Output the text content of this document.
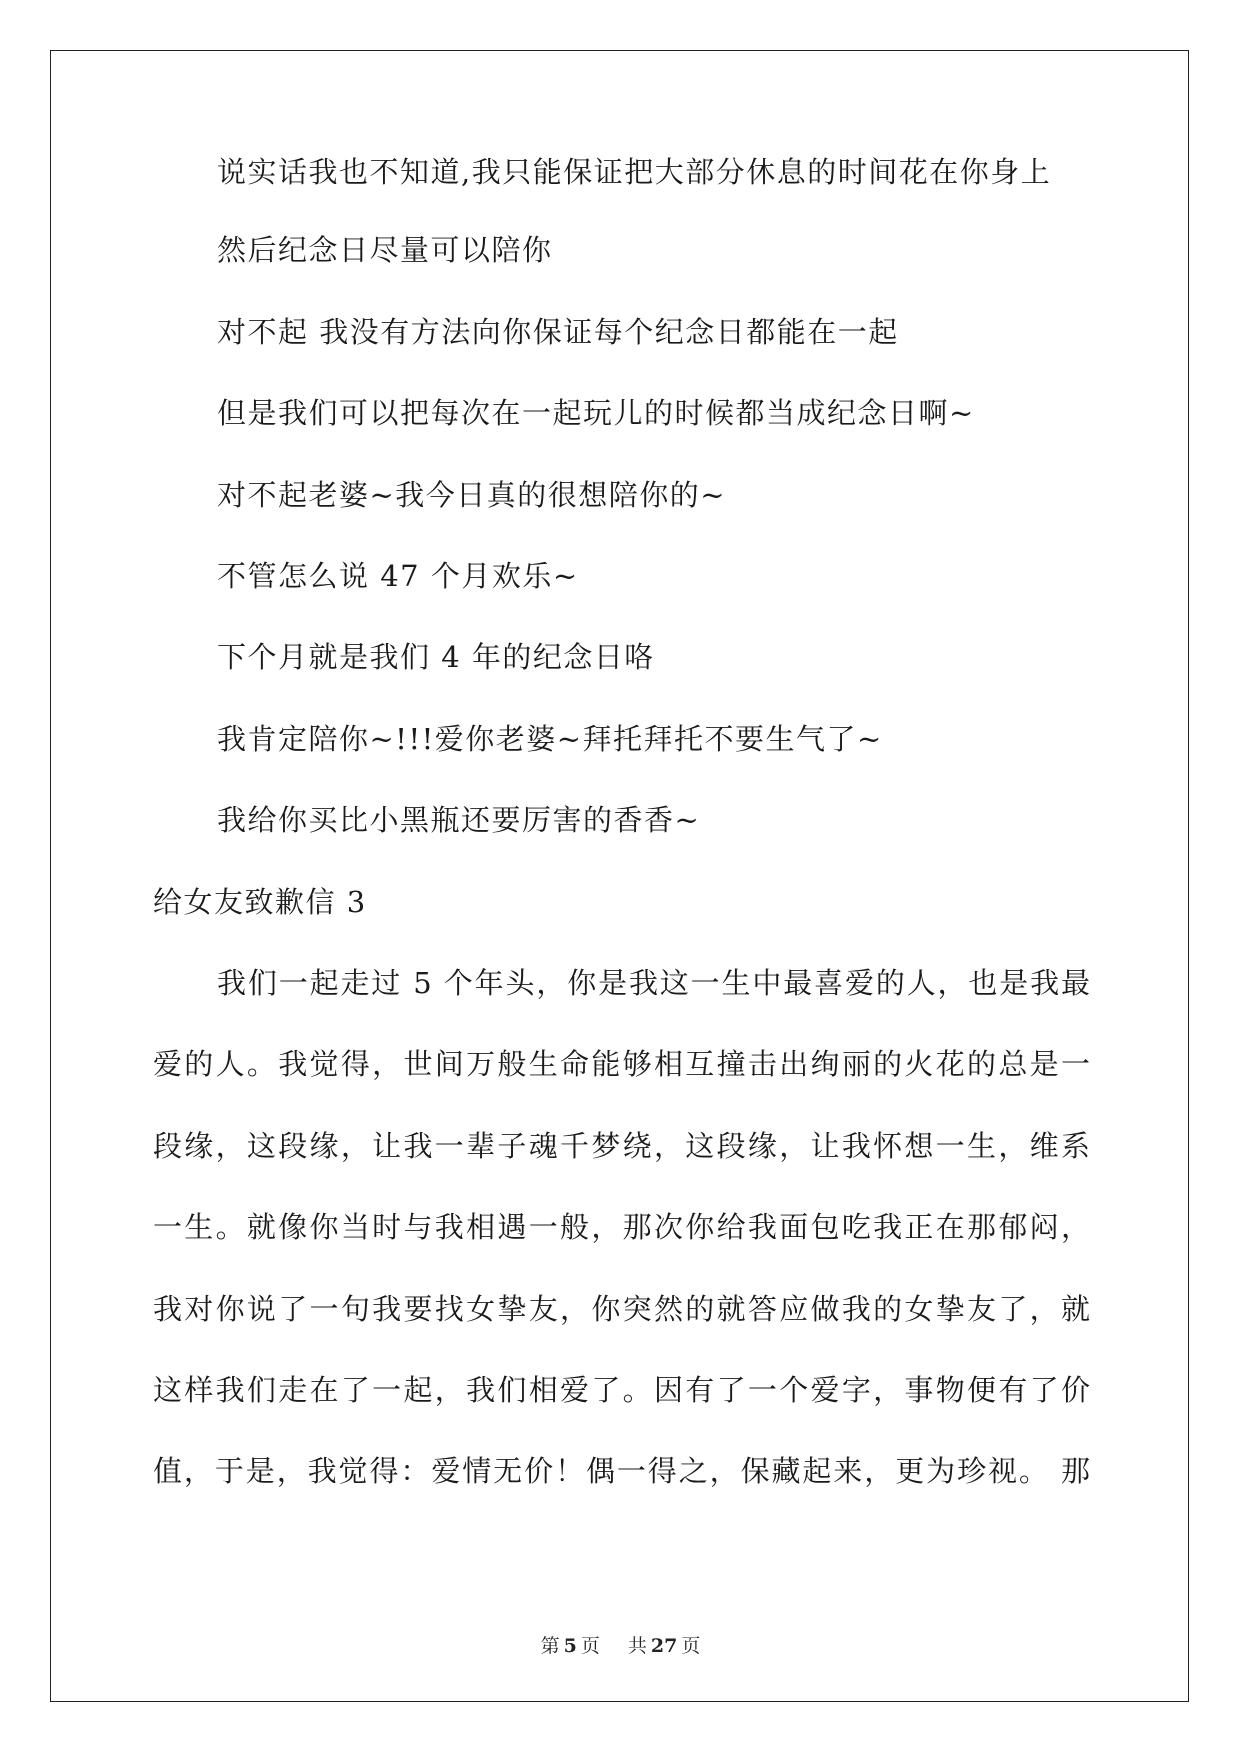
说实话我也不知道,我只能保证把大部分休息的时间花在你身上
然后纪念日尽量可以陪你
对不起 我没有方法向你保证每个纪念日都能在一起
但是我们可以把每次在一起玩儿的时候都当成纪念日啊~
对不起老婆~我今日真的很想陪你的~
不管怎么说 47 个月欢乐~
下个月就是我们 4 年的纪念日咯
我肯定陪你~!!!爱你老婆~拜托拜托不要生气了~
我给你买比小黑瓶还要厉害的香香~
给女友致歉信 3
我们一起走过 5 个年头，你是我这一生中最喜爱的人，也是我最
爱的人。我觉得，世间万般生命能够相互撞击出绚丽的火花的总是一
段缘，这段缘，让我一辈子魂千梦绕，这段缘，让我怀想一生，维系
一生。就像你当时与我相遇一般，那次你给我面包吃我正在那郁闷，
我对你说了一句我要找女挚友，你突然的就答应做我的女挚友了，就
这样我们走在了一起，我们相爱了。因有了一个爱字，事物便有了价
值，于是，我觉得：爱情无价！偶一得之，保藏起来，更为珍视。 那
第 5 页 共 27 页
